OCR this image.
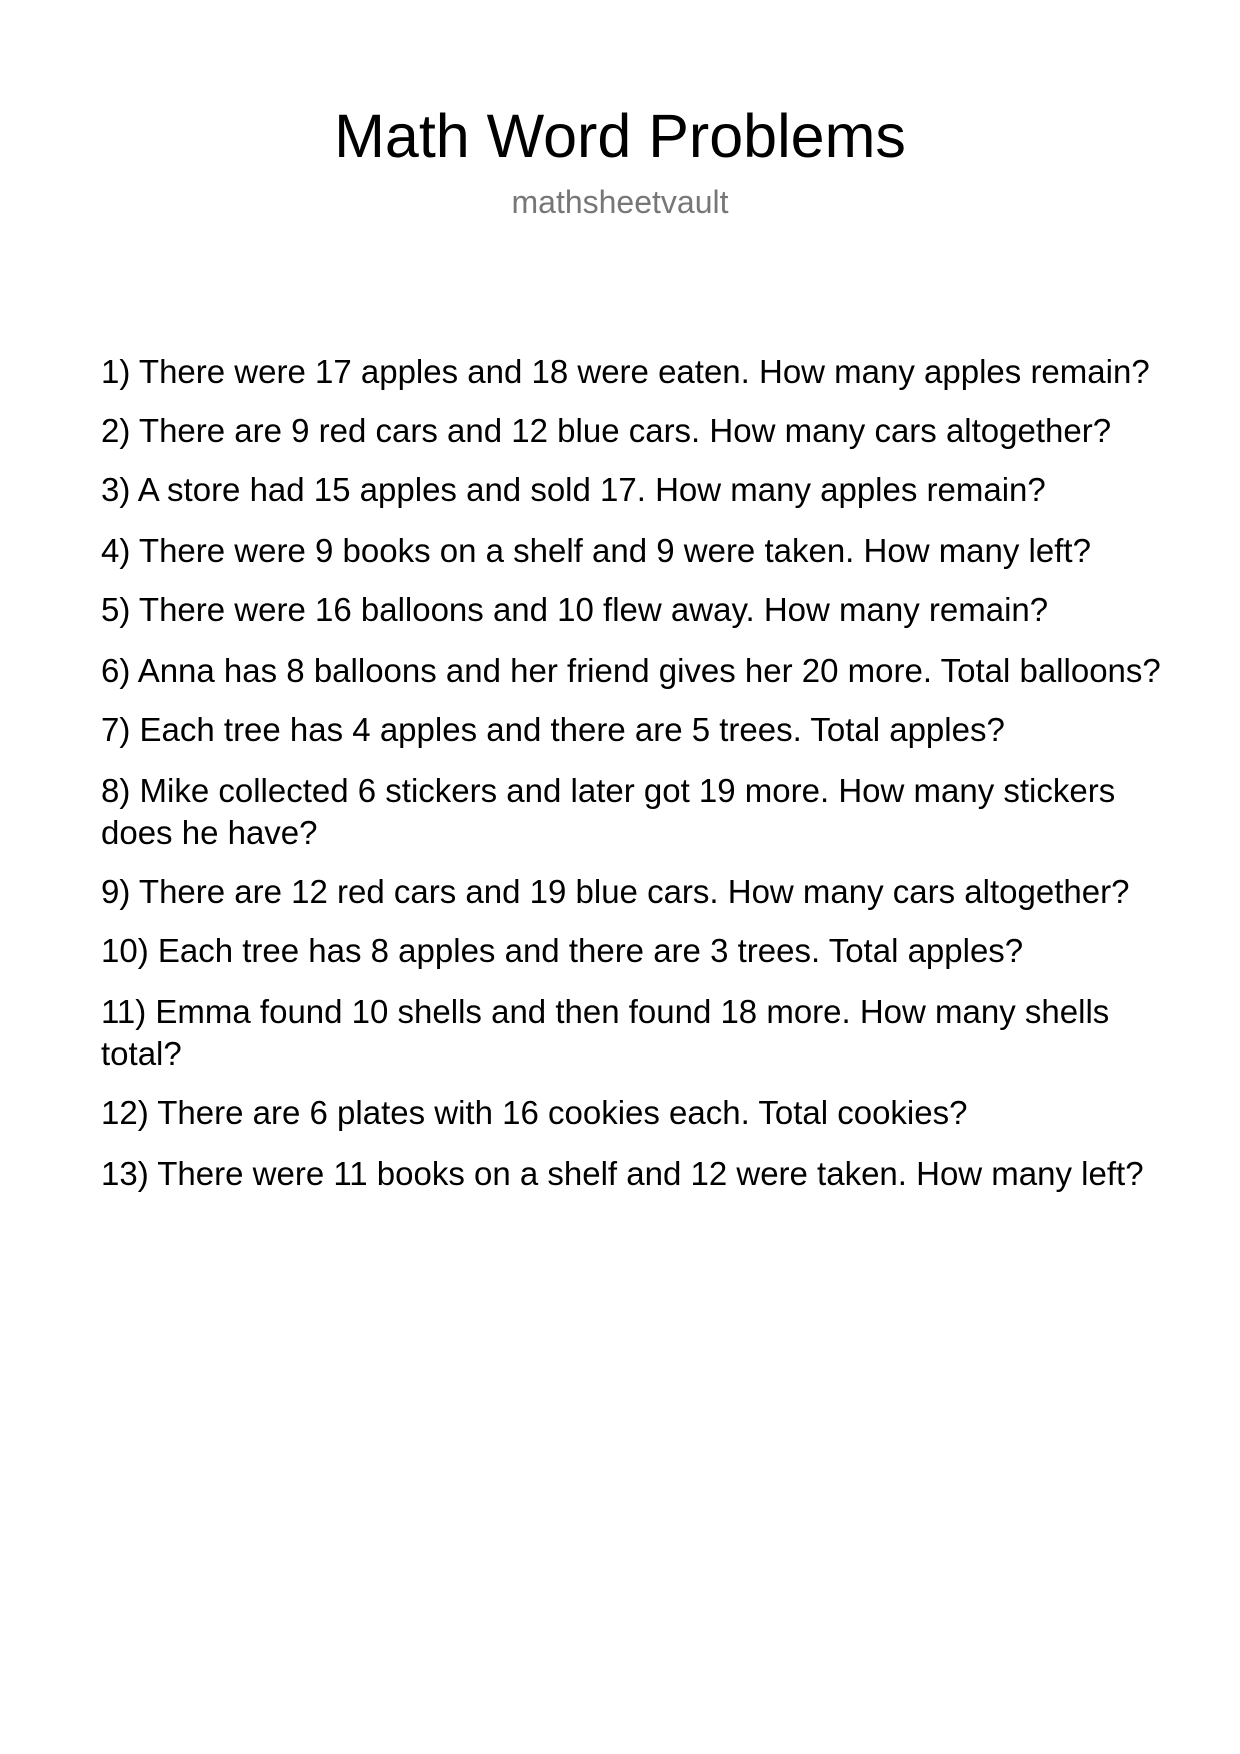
Math Word Problems
mathsheetvault
1) There were 17 apples and 18 were eaten. How many apples remain?
2) There are 9 red cars and 12 blue cars. How many cars altogether?
3) A store had 15 apples and sold 17. How many apples remain?
4) There were 9 books on a shelf and 9 were taken. How many left?
5) There were 16 balloons and 10 flew away. How many remain?
6) Anna has 8 balloons and her friend gives her 20 more. Total balloons?
7) Each tree has 4 apples and there are 5 trees. Total apples?
8) Mike collected 6 stickers and later got 19 more. How many stickers does he have?
9) There are 12 red cars and 19 blue cars. How many cars altogether?
10) Each tree has 8 apples and there are 3 trees. Total apples?
11) Emma found 10 shells and then found 18 more. How many shells total?
12) There are 6 plates with 16 cookies each. Total cookies?
13) There were 11 books on a shelf and 12 were taken. How many left?
